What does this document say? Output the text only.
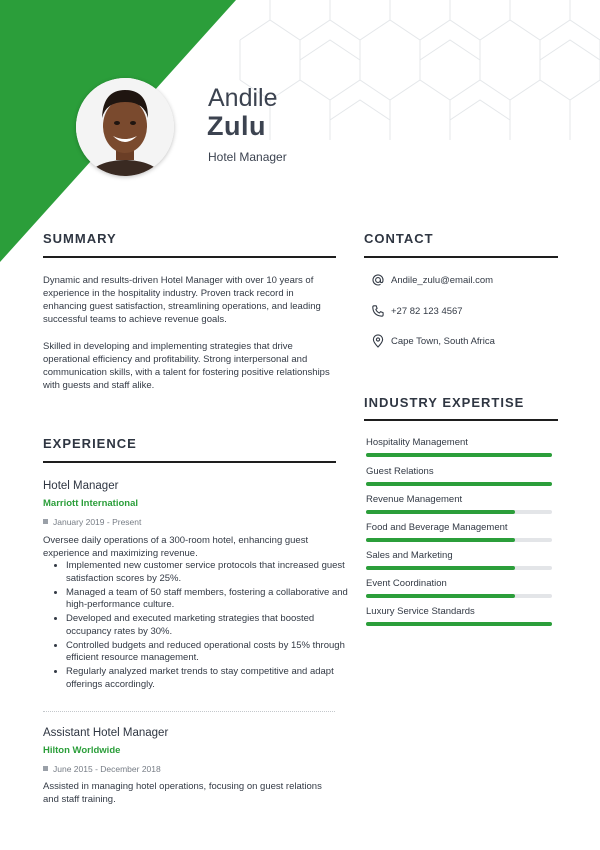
Andile
Zulu
Hotel Manager
SUMMARY

Dynamic and results-driven Hotel Manager with over 10 years of experience in the hospitality industry. Proven track record in enhancing guest satisfaction, streamlining operations, and leading successful teams to achieve revenue goals.

Skilled in developing and implementing strategies that drive operational efficiency and profitability. Strong interpersonal and communication skills, with a talent for fostering positive relationships with guests and staff alike.

EXPERIENCE
Hotel Manager
Marriott International
January 2019 - Present

Oversee daily operations of a 300-room hotel, enhancing guest experience and maximizing revenue.

• Implemented new customer service protocols that increased guest satisfaction scores by 25%.
• Managed a team of 50 staff members, fostering a collaborative and high-performance culture.
• Developed and executed marketing strategies that boosted occupancy rates by 30%.
• Controlled budgets and reduced operational costs by 15% through efficient resource management.
• Regularly analyzed market trends to stay competitive and adapt offerings accordingly.
Assistant Hotel Manager
Hilton Worldwide
June 2015 - December 2018

Assisted in managing hotel operations, focusing on guest relations and staff training.

CONTACT
Andile_zulu@email.com
+27 82 123 4567
Cape Town, South Africa
INDUSTRY EXPERTISE
Hospitality Management
Guest Relations
Revenue Management
Food and Beverage Management
Sales and Marketing
Event Coordination
Luxury Service Standards
